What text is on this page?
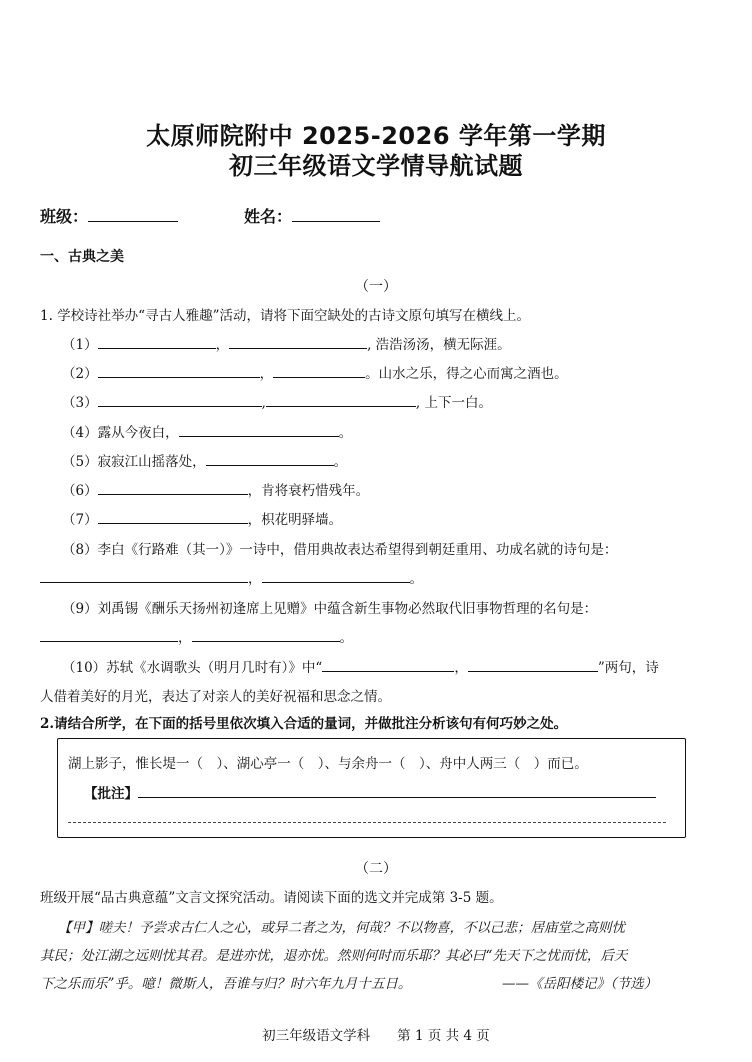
太原师院附中 2025-2026 学年第一学期
初三年级语文学情导航试题
班级：	姓名：
一、古典之美
（一）
1. 学校诗社举办“寻古人雅趣”活动，请将下面空缺处的古诗文原句填写在横线上。
（1）	，	, 浩浩汤汤，横无际涯。
（2）	，	。山水之乐，得之心而寓之酒也。
（3）	,	, 上下一白。
（4）露从今夜白，	。
（5）寂寂江山摇落处，	。
（6）	，肯将衰朽惜残年。
（7）	，枳花明驿墙。
（8）李白《行路难（其一）》一诗中，借用典故表达希望得到朝廷重用、功成名就的诗句是：
，	。
（9）刘禹锡《酬乐天扬州初逢席上见赠》中蕴含新生事物必然取代旧事物哲理的名句是：
，	。
（10）苏轼《水调歌头（明月几时有）》中“	，	”两句，诗
人借着美好的月光，表达了对亲人的美好祝福和思念之情。
2.请结合所学，在下面的括号里依次填入合适的量词，并做批注分析该句有何巧妙之处。
湖上影子，惟长堤一（　）、湖心亭一（　）、与余舟一（　）、舟中人两三（　）而已。
【批注】
（二）
班级开展“品古典意蕴”文言文探究活动。请阅读下面的选文并完成第 3-5 题。
【甲】嗟夫！予尝求古仁人之心，或异二者之为，何哉？不以物喜，不以己悲；居庙堂之高则忧
其民；处江湖之远则忧其君。是进亦忧，退亦忧。然则何时而乐耶？其必曰“先天下之忧而忧，后天
下之乐而乐”乎。噫！微斯人，吾谁与归？时六年九月十五日。	——《岳阳楼记》（节选）
初三年级语文学科　　第 1 页 共 4 页
